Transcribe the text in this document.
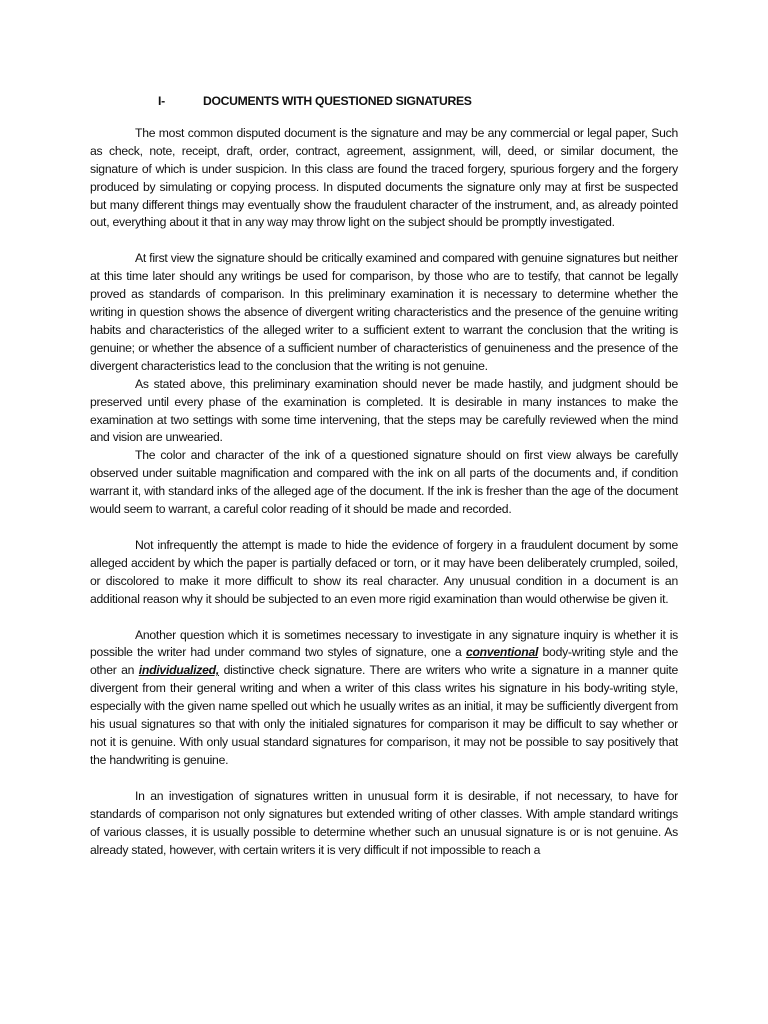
I-	DOCUMENTS WITH QUESTIONED SIGNATURES

The most common disputed document is the signature and may be any commercial or legal paper, Such as check, note, receipt, draft, order, contract, agreement, assignment, will, deed, or similar document, the signature of which is under suspicion. In this class are found the traced forgery, spurious forgery and the forgery produced by simulating or copying process. In disputed documents the signature only may at first be suspected but many different things may eventually show the fraudulent character of the instrument, and, as already pointed out, everything about it that in any way may throw light on the subject should be promptly investigated.

At first view the signature should be critically examined and compared with genuine signatures but neither at this time later should any writings be used for comparison, by those who are to testify, that cannot be legally proved as standards of comparison. In this preliminary examination it is necessary to determine whether the writing in question shows the absence of divergent writing characteristics and the presence of the genuine writing habits and characteristics of the alleged writer to a sufficient extent to warrant the conclusion that the writing is genuine; or whether the absence of a sufficient number of characteristics of genuineness and the presence of the divergent characteristics lead to the conclusion that the writing is not genuine.

As stated above, this preliminary examination should never be made hastily, and judgment should be preserved until every phase of the examination is completed. It is desirable in many instances to make the examination at two settings with some time intervening, that the steps may be carefully reviewed when the mind and vision are unwearied.

The color and character of the ink of a questioned signature should on first view always be carefully observed under suitable magnification and compared with the ink on all parts of the documents and, if condition warrant it, with standard inks of the alleged age of the document. If the ink is fresher than the age of the document would seem to warrant, a careful color reading of it should be made and recorded.

Not infrequently the attempt is made to hide the evidence of forgery in a fraudulent document by some alleged accident by which the paper is partially defaced or torn, or it may have been deliberately crumpled, soiled, or discolored to make it more difficult to show its real character. Any unusual condition in a document is an additional reason why it should be subjected to an even more rigid examination than would otherwise be given it.

Another question which it is sometimes necessary to investigate in any signature inquiry is whether it is possible the writer had under command two styles of signature, one a conventional body-writing style and the other an individualized, distinctive check signature. There are writers who write a signature in a manner quite divergent from their general writing and when a writer of this class writes his signature in his body-writing style, especially with the given name spelled out which he usually writes as an initial, it may be sufficiently divergent from his usual signatures so that with only the initialed signatures for comparison it may be difficult to say whether or not it is genuine. With only usual standard signatures for comparison, it may not be possible to say positively that the handwriting is genuine.

In an investigation of signatures written in unusual form it is desirable, if not necessary, to have for standards of comparison not only signatures but extended writing of other classes. With ample standard writings of various classes, it is usually possible to determine whether such an unusual signature is or is not genuine. As already stated, however, with certain writers it is very difficult if not impossible to reach a
